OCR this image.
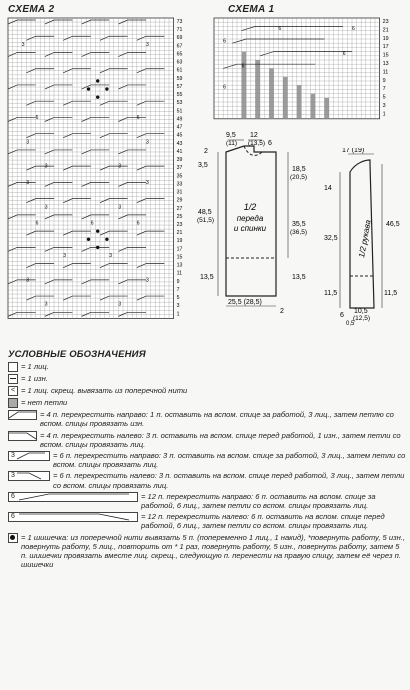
СХЕМА 2
3	3
6	6
3	3
3	3
3	3
3	3
6	6
6
3	3
3	3
3	3
73
71
69
67
65
63
61
59
57
55
53
51
49
47
45
43
41
39
37
35
33
31
29
27
25
23
21
19
17
15
13
11
9
7
5
3
1
СХЕМА 1
6	6
6
6
6
6
23
21
19
17
15
13
11
9
7
5
3
1
1/2
переда
и спинки
9,5
(11)
12
(13,5) 6
2
3,5
18,5
(20,5)
48,5
(51,5)
35,5
(36,5)
13,5	13,5
25,5 (28,5)
2
1/2 рукава
17 (19)
14
46,5
32,5
11,5	11,5
6
10,5
(12,5)
0,5
УСЛОВНЫЕ ОБОЗНАЧЕНИЯ
= 1 лиц.
= 1 изн.
< = 1 лиц. скрещ. вывязать из поперечной нити
= нет петли
= 4 п. перекрестить направо: 1 п. оставить на вспом. спице за работой, 3 лиц., затем петлю со вспом. спицы провязать изн.
= 4 п. перекрестить налево: 3 п. оставить на вспом. спице перед работой, 1 изн., затем петли со вспом. спицы провязать лиц.
3	= 6 п. перекрестить направо: 3 п. оставить на вспом. спице за работой, 3 лиц., затем петли со вспом. спицы провязать лиц.
3	= 6 п. перекрестить налево: 3 п. оставить на вспом. спице перед работой, 3 лиц., затем петли со вспом. спицы провязать лиц.
6	= 12 п. перекрестить направо: 6 п. оставить на вспом. спице за работой, 6 лиц., затем петли со вспом. спицы провязать лиц.
6	= 12 п. перекрестить налево: 6 п. оставить на вспом. спице перед работой, 6 лиц., затем петли со вспом. спицы провязать лиц.
= 1 шишечка: из поперечной нити вывязать 5 п. (попеременно 1 лиц., 1 накид), *повернуть работу, 5 изн., повернуть работу, 5 лиц., повторить от * 1 раз, повернуть работу, 5 изн., повернуть работу, затем 5 п. шишечки провязать вместе лиц. скрещ., следующую п. перенести на правую спицу, затем её через п. шишечки
